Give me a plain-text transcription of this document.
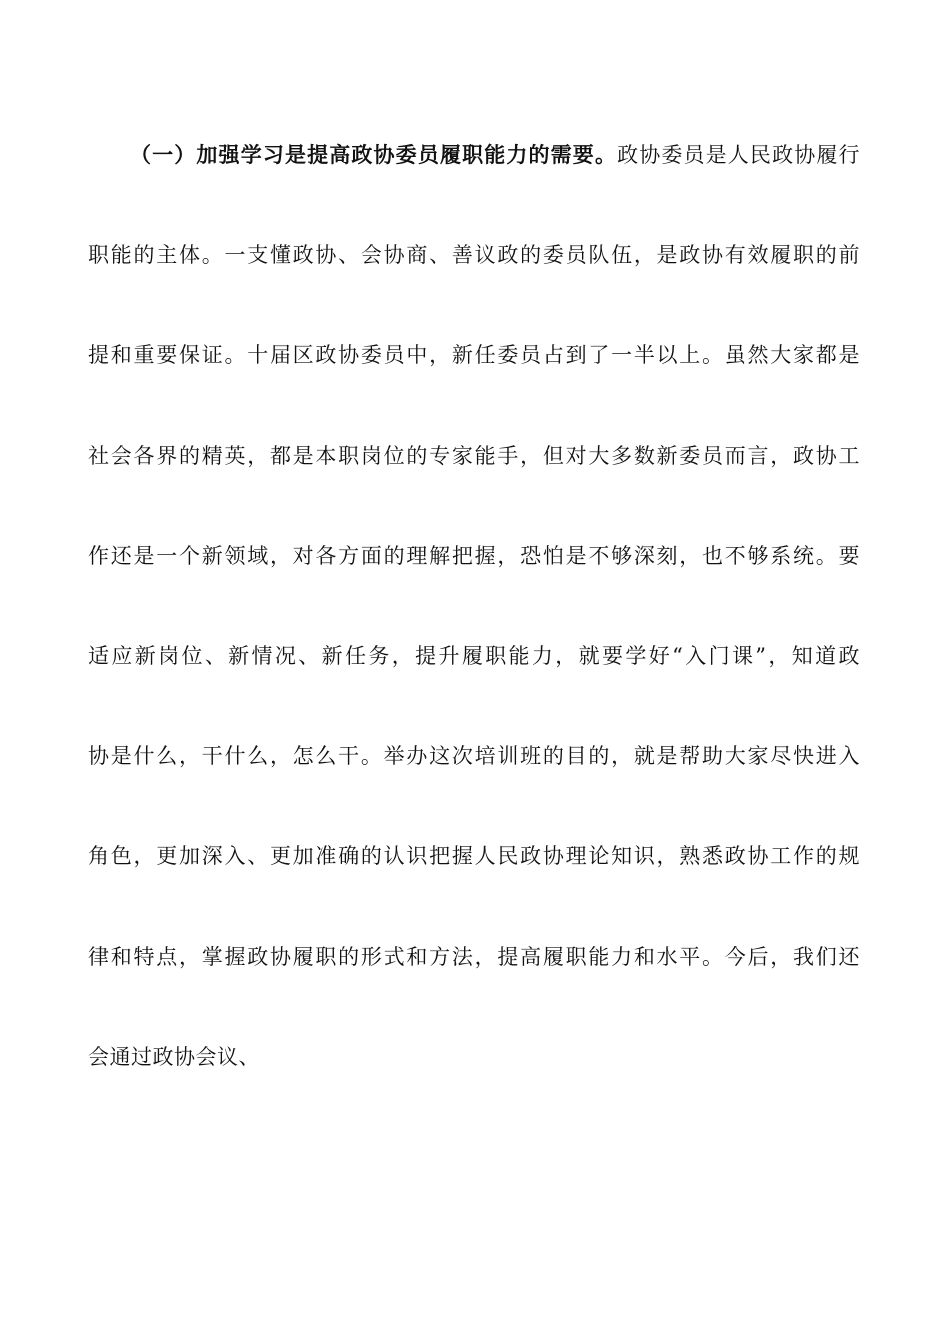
（一）加强学习是提高政协委员履职能力的需要。政协委员是人民政协履行
职能的主体。一支懂政协、会协商、善议政的委员队伍，是政协有效履职的前
提和重要保证。十届区政协委员中，新任委员占到了一半以上。虽然大家都是
社会各界的精英，都是本职岗位的专家能手，但对大多数新委员而言，政协工
作还是一个新领域，对各方面的理解把握，恐怕是不够深刻，也不够系统。要
适应新岗位、新情况、新任务，提升履职能力，就要学好“入门课”，知道政
协是什么，干什么，怎么干。举办这次培训班的目的，就是帮助大家尽快进入
角色，更加深入、更加准确的认识把握人民政协理论知识，熟悉政协工作的规
律和特点，掌握政协履职的形式和方法，提高履职能力和水平。今后，我们还
会通过政协会议、
